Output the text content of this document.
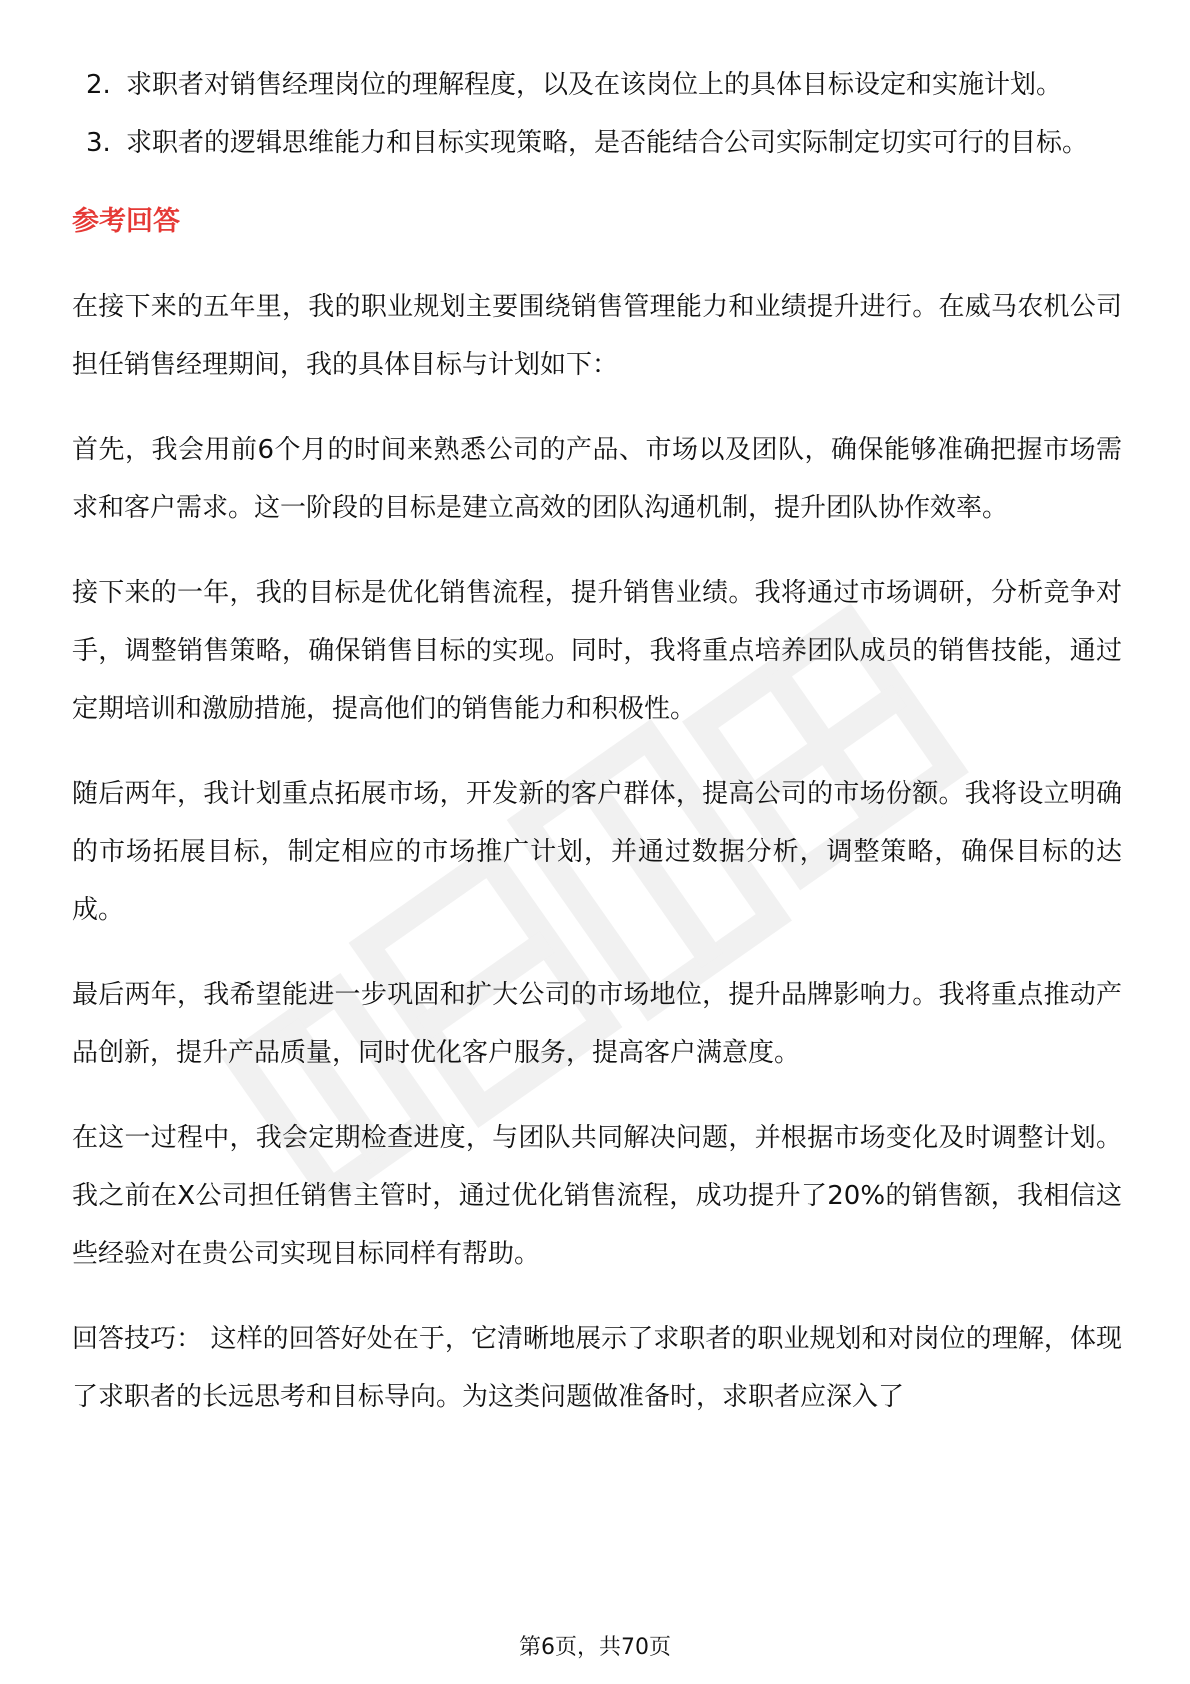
2. 求职者对销售经理岗位的理解程度，以及在该岗位上的具体目标设定和实施计划。
3. 求职者的逻辑思维能力和目标实现策略，是否能结合公司实际制定切实可行的目标。
参考回答

在接下来的五年里，我的职业规划主要围绕销售管理能力和业绩提升进行。在威马农机公司担任销售经理期间，我的具体目标与计划如下：

首先，我会用前6个月的时间来熟悉公司的产品、市场以及团队，确保能够准确把握市场需求和客户需求。这一阶段的目标是建立高效的团队沟通机制，提升团队协作效率。

接下来的一年，我的目标是优化销售流程，提升销售业绩。我将通过市场调研，分析竞争对手，调整销售策略，确保销售目标的实现。同时，我将重点培养团队成员的销售技能，通过定期培训和激励措施，提高他们的销售能力和积极性。

随后两年，我计划重点拓展市场，开发新的客户群体，提高公司的市场份额。我将设立明确的市场拓展目标，制定相应的市场推广计划，并通过数据分析，调整策略，确保目标的达成。

最后两年，我希望能进一步巩固和扩大公司的市场地位，提升品牌影响力。我将重点推动产品创新，提升产品质量，同时优化客户服务，提高客户满意度。

在这一过程中，我会定期检查进度，与团队共同解决问题，并根据市场变化及时调整计划。我之前在X公司担任销售主管时，通过优化销售流程，成功提升了20%的销售额，我相信这些经验对在贵公司实现目标同样有帮助。

回答技巧： 这样的回答好处在于，它清晰地展示了求职者的职业规划和对岗位的理解，体现了求职者的长远思考和目标导向。为这类问题做准备时，求职者应深入了

第6页，共70页
